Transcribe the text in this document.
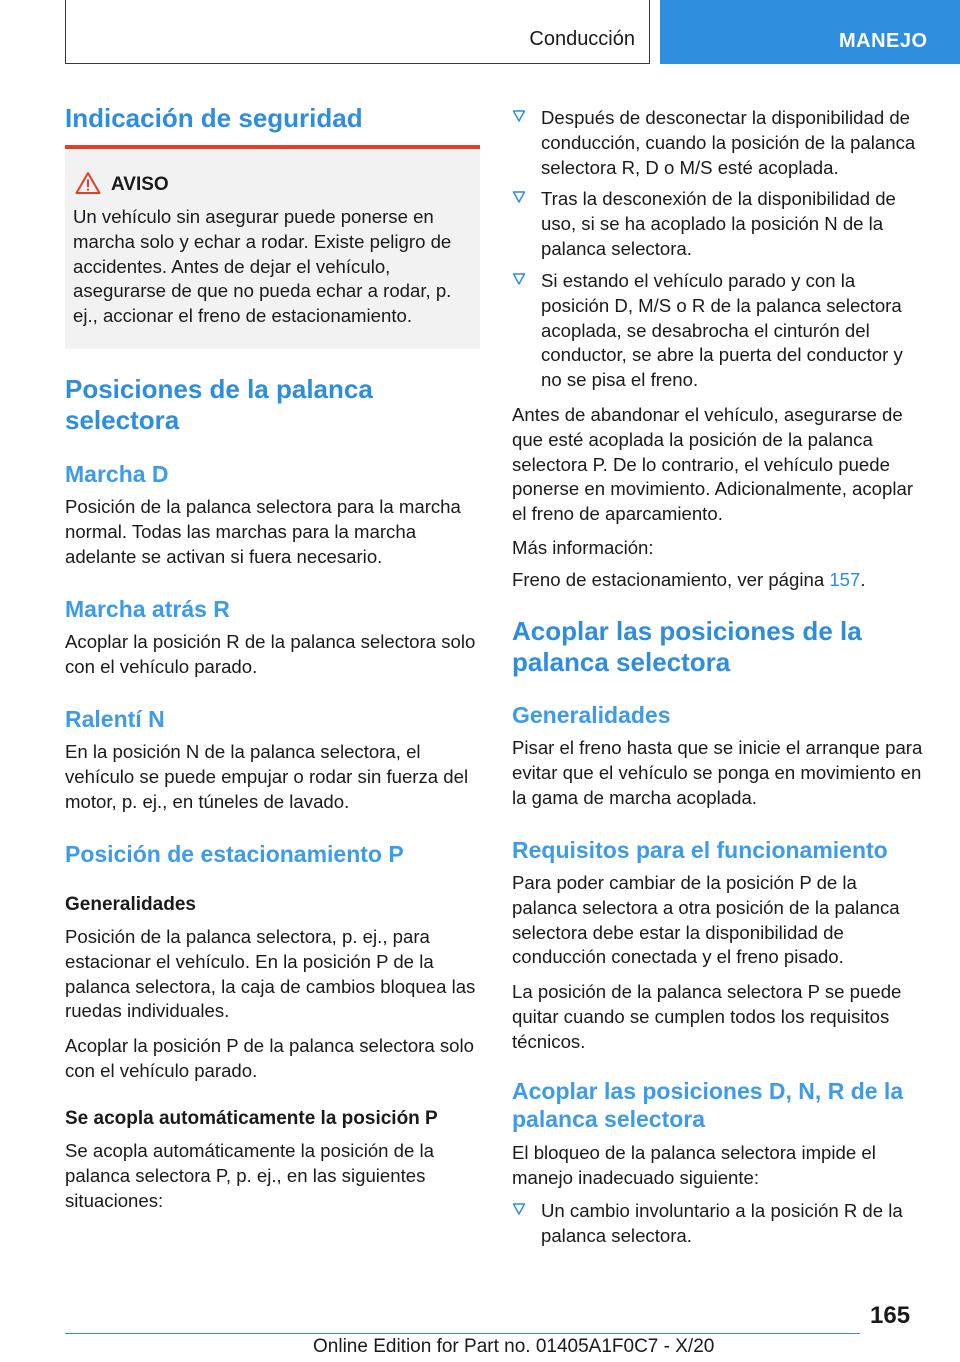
Conducción	MANEJO
Indicación de seguridad
AVISO
Un vehículo sin asegurar puede ponerse en marcha solo y echar a rodar. Existe peligro de accidentes. Antes de dejar el vehículo, asegurarse de que no pueda echar a rodar, p. ej., accionar el freno de estacionamiento.
Posiciones de la palanca selectora
Marcha D
Posición de la palanca selectora para la marcha normal. Todas las marchas para la marcha adelante se activan si fuera necesario.
Marcha atrás R
Acoplar la posición R de la palanca selectora solo con el vehículo parado.
Ralentí N
En la posición N de la palanca selectora, el vehículo se puede empujar o rodar sin fuerza del motor, p. ej., en túneles de lavado.
Posición de estacionamiento P
Generalidades
Posición de la palanca selectora, p. ej., para estacionar el vehículo. En la posición P de la palanca selectora, la caja de cambios bloquea las ruedas individuales.
Acoplar la posición P de la palanca selectora solo con el vehículo parado.
Se acopla automáticamente la posición P
Se acopla automáticamente la posición de la palanca selectora P, p. ej., en las siguientes situaciones:
Después de desconectar la disponibilidad de conducción, cuando la posición de la palanca selectora R, D o M/S esté acoplada.
Tras la desconexión de la disponibilidad de uso, si se ha acoplado la posición N de la palanca selectora.
Si estando el vehículo parado y con la posición D, M/S o R de la palanca selectora acoplada, se desabrocha el cinturón del conductor, se abre la puerta del conductor y no se pisa el freno.
Antes de abandonar el vehículo, asegurarse de que esté acoplada la posición de la palanca selectora P. De lo contrario, el vehículo puede ponerse en movimiento. Adicionalmente, acoplar el freno de aparcamiento.
Más información:
Freno de estacionamiento, ver página 157.
Acoplar las posiciones de la palanca selectora
Generalidades
Pisar el freno hasta que se inicie el arranque para evitar que el vehículo se ponga en movimiento en la gama de marcha acoplada.
Requisitos para el funcionamiento
Para poder cambiar de la posición P de la palanca selectora a otra posición de la palanca selectora debe estar la disponibilidad de conducción conectada y el freno pisado.
La posición de la palanca selectora P se puede quitar cuando se cumplen todos los requisitos técnicos.
Acoplar las posiciones D, N, R de la palanca selectora
El bloqueo de la palanca selectora impide el manejo inadecuado siguiente:
Un cambio involuntario a la posición R de la palanca selectora.
165
Online Edition for Part no. 01405A1F0C7 - X/20
